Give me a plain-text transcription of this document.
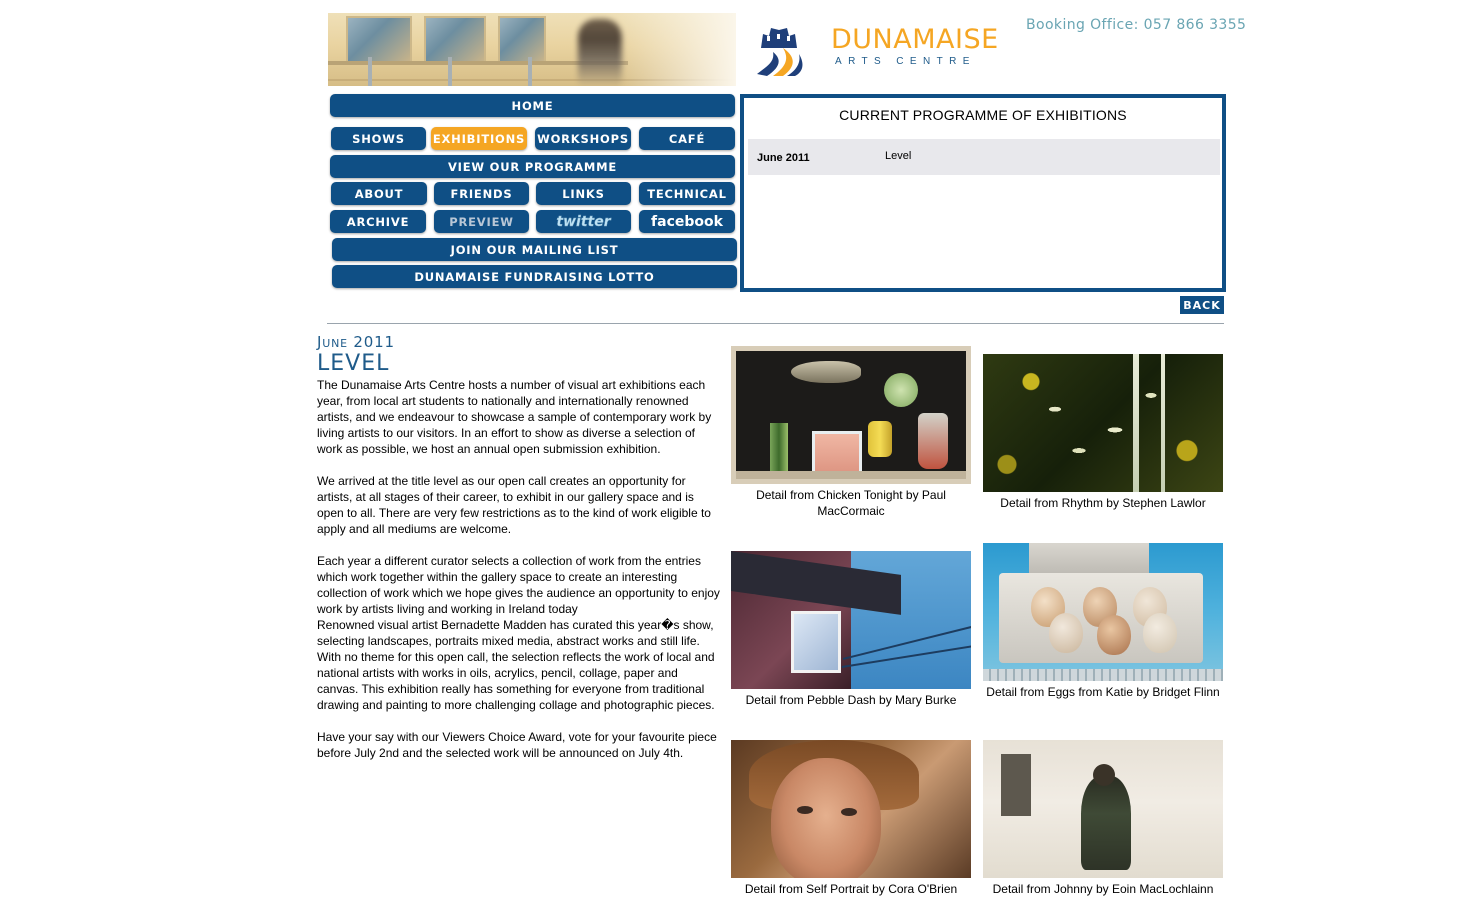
DUNAMAISE
ARTS CENTRE
Booking Office: 057 866 3355
HOME
SHOWS	EXHIBITIONS WORKSHOPS	CAFÉ
VIEW OUR PROGRAMME
ABOUT	FRIENDS	LINKS	TECHNICAL
ARCHIVE	PREVIEW	twitter	facebook
JOIN OUR MAILING LIST
DUNAMAISE FUNDRAISING LOTTO
CURRENT PROGRAMME OF EXHIBITIONS
June 2011	Level
BACK
June 2011
LEVEL

The Dunamaise Arts Centre hosts a number of visual art exhibitions each year, from local art students to nationally and internationally renowned artists, and we endeavour to showcase a sample of contemporary work by living artists to our visitors. In an effort to show as diverse a selection of work as possible, we host an annual open submission exhibition.

We arrived at the title level as our open call creates an opportunity for artists, at all stages of their career, to exhibit in our gallery space and is open to all. There are very few restrictions as to the kind of work eligible to apply and all mediums are welcome.

Each year a different curator selects a collection of work from the entries which work together within the gallery space to create an interesting collection of work which we hope gives the audience an opportunity to enjoy work by artists living and working in Ireland today

Renowned visual artist Bernadette Madden has curated this year�s show, selecting landscapes, portraits mixed media, abstract works and still life. With no theme for this open call, the selection reflects the work of local and national artists with works in oils, acrylics, pencil, collage, paper and canvas. This exhibition really has something for everyone from traditional drawing and painting to more challenging collage and photographic pieces.

Have your say with our Viewers Choice Award, vote for your favourite piece before July 2nd and the selected work will be announced on July 4th.

Detail from Chicken Tonight by Paul MacCormaic
Detail from Rhythm by Stephen Lawlor
Detail from Pebble Dash by Mary Burke
Detail from Eggs from Katie by Bridget Flinn
Detail from Self Portrait by Cora O'Brien	Detail from Johnny by Eoin MacLochlainn
